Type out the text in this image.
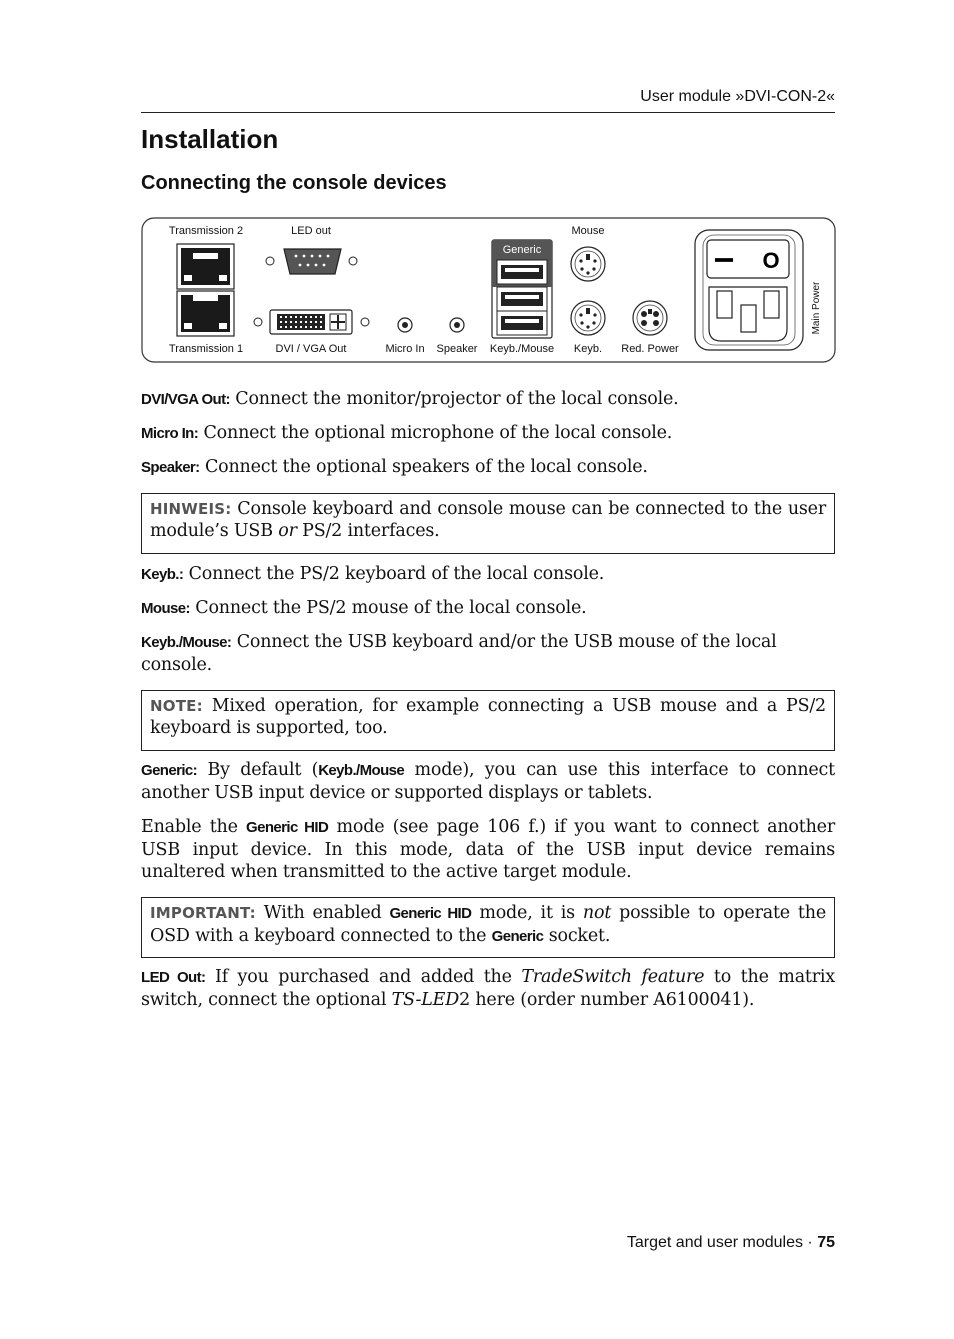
User module »DVI-CON-2«
Installation
Connecting the console devices
I O
Transmission 2
Transmission 1
LED out
DVI / VGA Out	Micro In Speaker
Generic
Keyb./Mouse
Mouse
Keyb. Red. Power
Main Power
DVI/VGA Out: Connect the monitor/projector of the local console.
Micro In: Connect the optional microphone of the local console.
Speaker: Connect the optional speakers of the local console.
HINWEIS: Console keyboard and console mouse can be connected to the user module’s USB or PS/2 interfaces.
Keyb.: Connect the PS/2 keyboard of the local console.
Mouse: Connect the PS/2 mouse of the local console.
Keyb./Mouse: Connect the USB keyboard and/or the USB mouse of the local console.
NOTE: Mixed operation, for example connecting a USB mouse and a PS/2 keyboard is supported, too.
Generic: By default (Keyb./Mouse mode), you can use this interface to connect another USB input device or supported displays or tablets.
Enable the Generic HID mode (see page 106 f.) if you want to connect another USB input device. In this mode, data of the USB input device remains unaltered when transmitted to the active target module.
IMPORTANT: With enabled Generic HID mode, it is not possible to operate the OSD with a keyboard connected to the Generic socket.
LED Out: If you purchased and added the TradeSwitch feature to the matrix switch, connect the optional TS-LED2 here (order number A6100041).
Target and user modules · 75
